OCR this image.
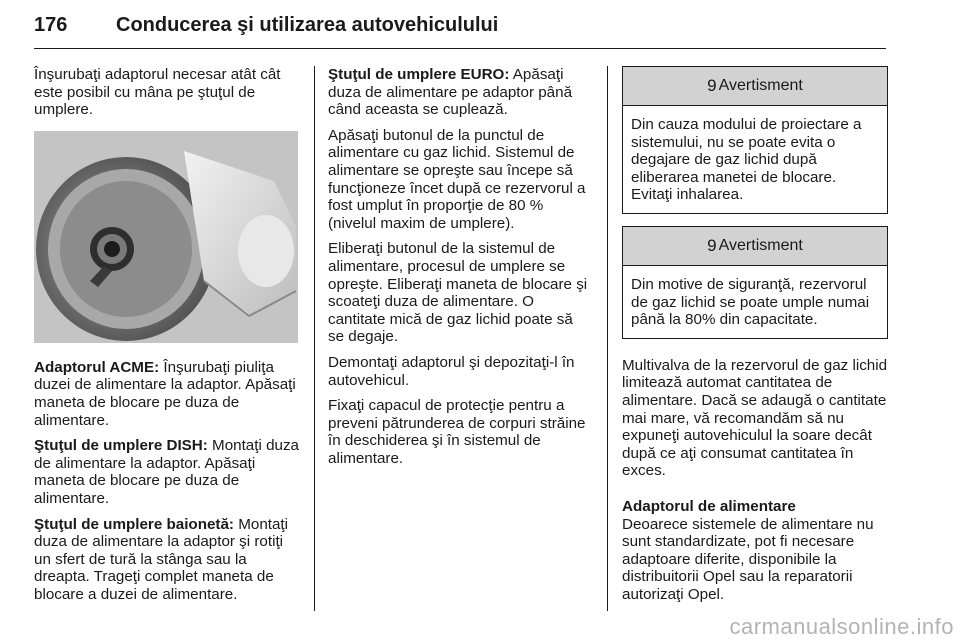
176 Conducerea şi utilizarea autovehiculului

Înşurubaţi adaptorul necesar atât cât este posibil cu mâna pe ştuţul de umplere.

Adaptorul ACME: Înşurubaţi piuliţa duzei de alimentare la adaptor. Apăsaţi maneta de blocare pe duza de alimentare.

Ştuţul de umplere DISH: Montaţi duza de alimentare la adaptor. Apăsaţi maneta de blocare pe duza de alimentare.

Ştuţul de umplere baionetă: Montaţi duza de alimentare la adaptor şi rotiţi un sfert de tură la stânga sau la dreapta. Trageţi complet maneta de blocare a duzei de alimentare.

Ştuţul de umplere EURO: Apăsaţi duza de alimentare pe adaptor până când aceasta se cuplează.

Apăsaţi butonul de la punctul de alimentare cu gaz lichid. Sistemul de alimentare se opreşte sau începe să funcţioneze încet după ce rezervorul a fost umplut în proporţie de 80 % (nivelul maxim de umplere).

Eliberaţi butonul de la sistemul de alimentare, procesul de umplere se opreşte. Eliberaţi maneta de blocare şi scoateţi duza de alimentare. O cantitate mică de gaz lichid poate să se degaje.

Demontaţi adaptorul şi depozitaţi-l în autovehicul.

Fixaţi capacul de protecţie pentru a preveni pătrunderea de corpuri străine în deschiderea şi în sistemul de alimentare.

9 Avertisment
Din cauza modului de proiectare a sistemului, nu se poate evita o degajare de gaz lichid după eliberarea manetei de blocare. Evitaţi inhalarea.
9 Avertisment
Din motive de siguranţă, rezervorul de gaz lichid se poate umple numai până la 80% din capacitate.

Multivalva de la rezervorul de gaz lichid limitează automat cantitatea de alimentare. Dacă se adaugă o cantitate mai mare, vă recomandăm să nu expuneţi autovehiculul la soare decât după ce aţi consumat cantitatea în exces.

Adaptorul de alimentare

Deoarece sistemele de alimentare nu sunt standardizate, pot fi necesare adaptoare diferite, disponibile la distribuitorii Opel sau la reparatorii autorizaţi Opel.

carmanualsonline.info
